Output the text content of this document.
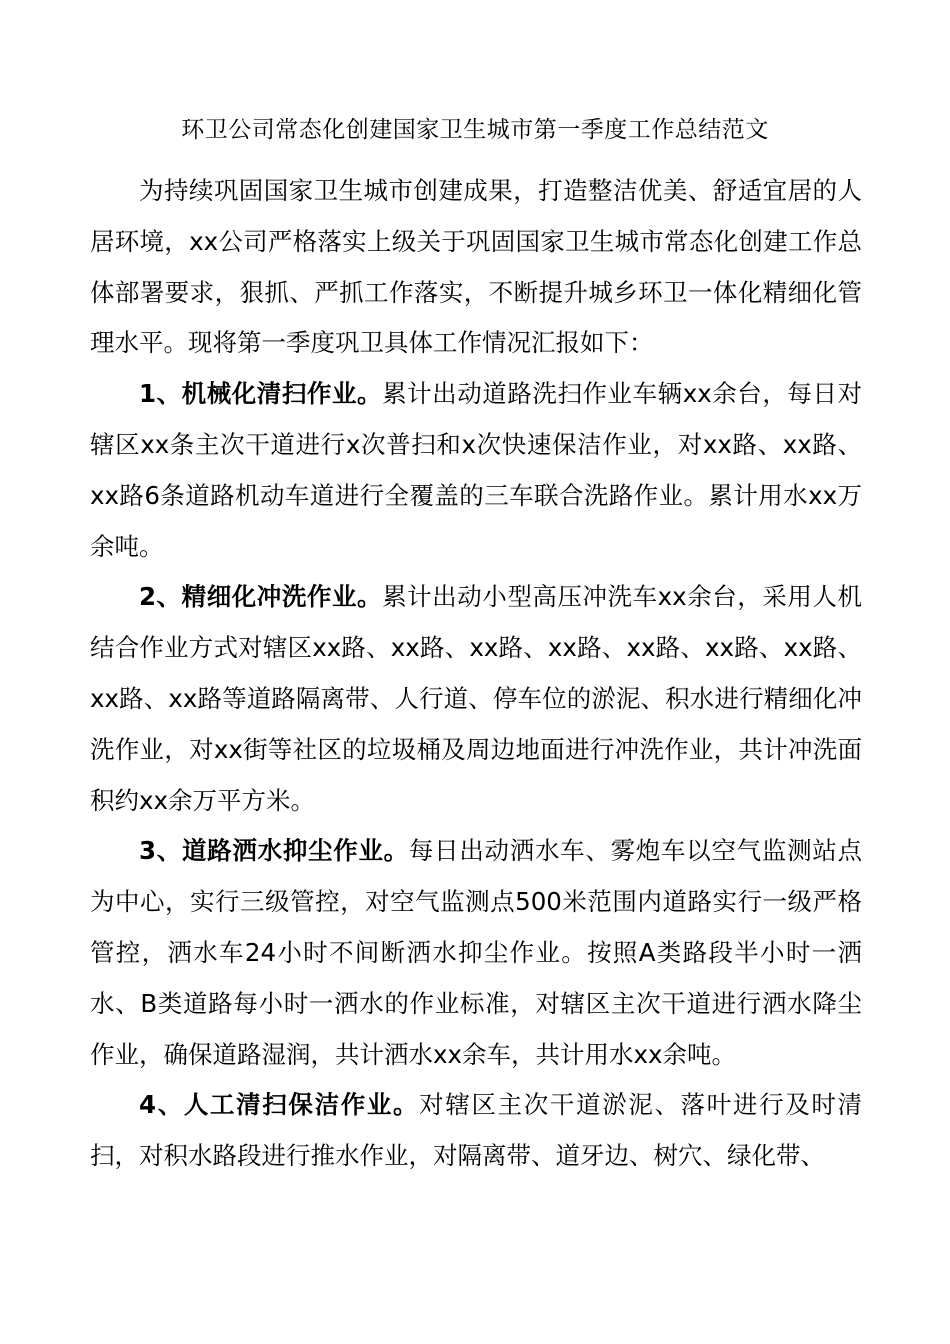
环卫公司常态化创建国家卫生城市第一季度工作总结范文

为持续巩固国家卫生城市创建成果，打造整洁优美、舒适宜居的人居环境，xx公司严格落实上级关于巩固国家卫生城市常态化创建工作总体部署要求，狠抓、严抓工作落实，不断提升城乡环卫一体化精细化管理水平。现将第一季度巩卫具体工作情况汇报如下：

1、机械化清扫作业。累计出动道路洗扫作业车辆xx余台，每日对辖区xx条主次干道进行x次普扫和x次快速保洁作业，对xx路、xx路、xx路6条道路机动车道进行全覆盖的三车联合洗路作业。累计用水xx万余吨。

2、精细化冲洗作业。累计出动小型高压冲洗车xx余台，采用人机结合作业方式对辖区xx路、xx路、xx路、xx路、xx路、xx路、xx路、xx路、xx路等道路隔离带、人行道、停车位的淤泥、积水进行精细化冲洗作业，对xx街等社区的垃圾桶及周边地面进行冲洗作业，共计冲洗面积约xx余万平方米。

3、道路洒水抑尘作业。每日出动洒水车、雾炮车以空气监测站点为中心，实行三级管控，对空气监测点500米范围内道路实行一级严格管控，洒水车24小时不间断洒水抑尘作业。按照A类路段半小时一洒水、B类道路每小时一洒水的作业标准，对辖区主次干道进行洒水降尘作业，确保道路湿润，共计洒水xx余车，共计用水xx余吨。

4、人工清扫保洁作业。对辖区主次干道淤泥、落叶进行及时清扫，对积水路段进行推水作业，对隔离带、道牙边、树穴、绿化带、
